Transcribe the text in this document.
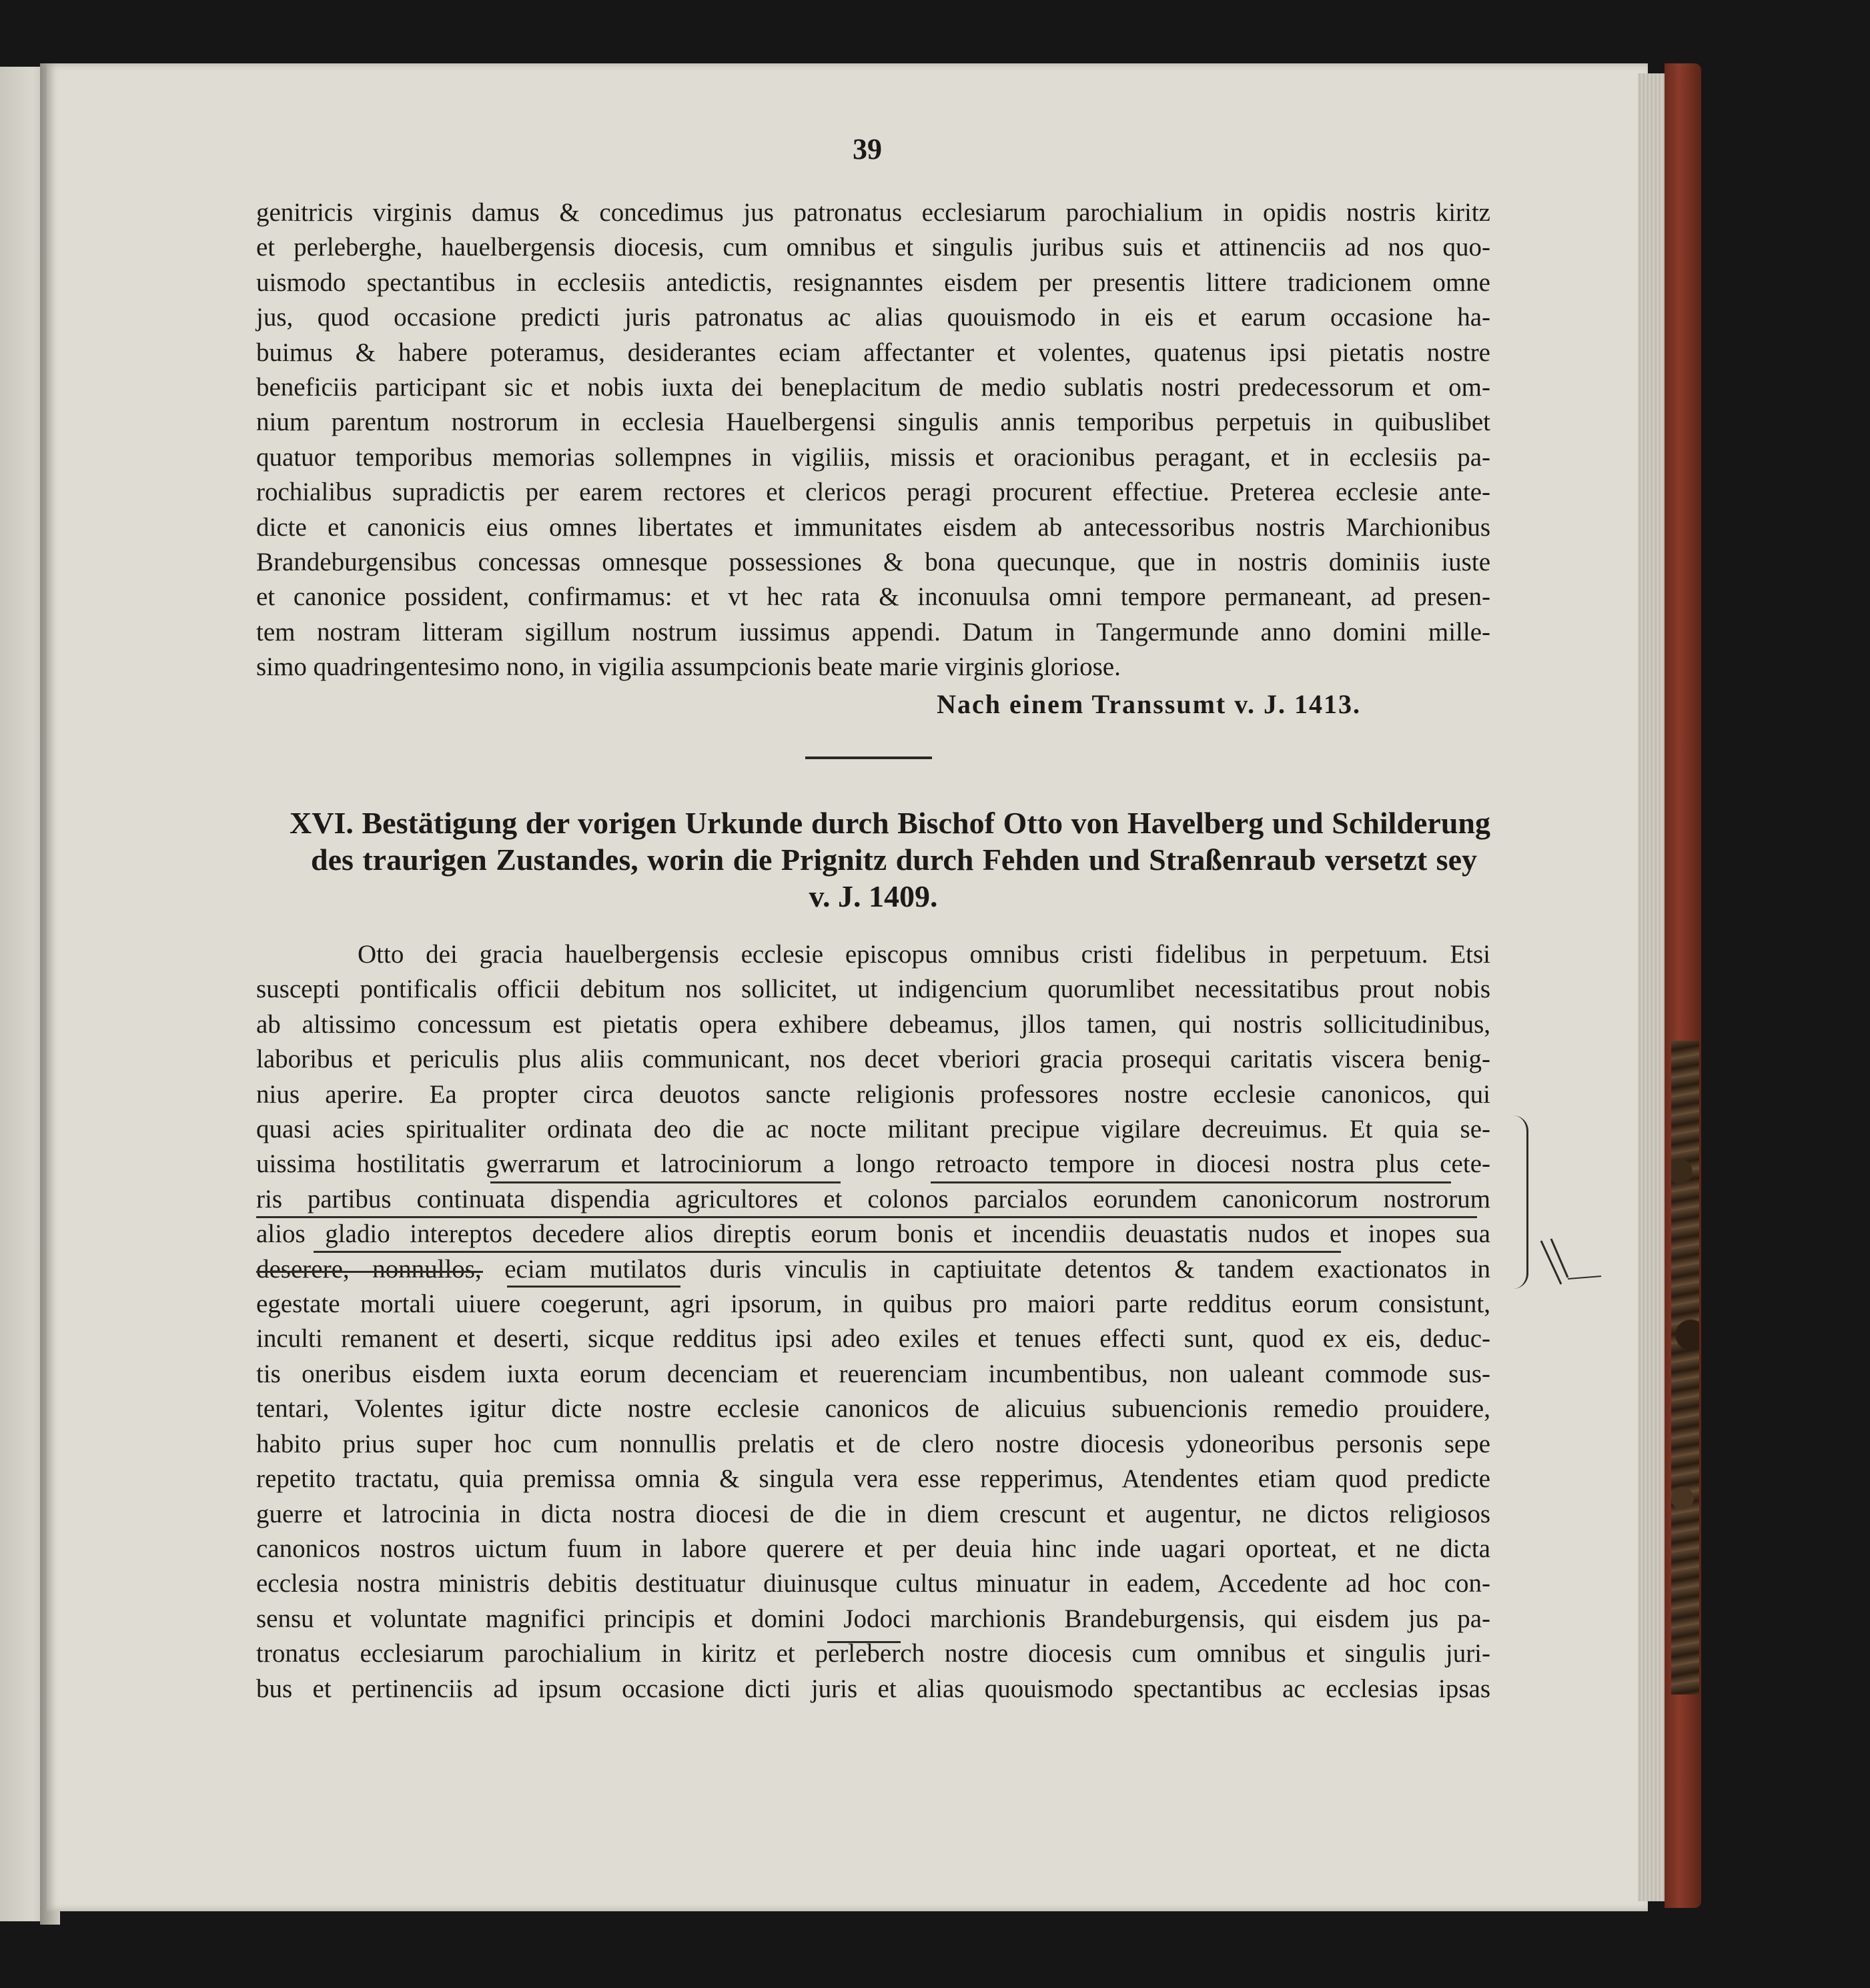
39
genitricis virginis damus & concedimus jus patronatus ecclesiarum parochialium in opidis nostris kiritz
et perleberghe, hauelbergensis diocesis, cum omnibus et singulis juribus suis et attinenciis ad nos quo-
uismodo spectantibus in ecclesiis antedictis, resignanntes eisdem per presentis littere tradicionem omne
jus, quod occasione predicti juris patronatus ac alias quouismodo in eis et earum occasione ha-
buimus & habere poteramus, desiderantes eciam affectanter et volentes, quatenus ipsi pietatis nostre
beneficiis participant sic et nobis iuxta dei beneplacitum de medio sublatis nostri predecessorum et om-
nium parentum nostrorum in ecclesia Hauelbergensi singulis annis temporibus perpetuis in quibuslibet
quatuor temporibus memorias sollempnes in vigiliis, missis et oracionibus peragant, et in ecclesiis pa-
rochialibus supradictis per earem rectores et clericos peragi procurent effectiue. Preterea ecclesie ante-
dicte et canonicis eius omnes libertates et immunitates eisdem ab antecessoribus nostris Marchionibus
Brandeburgensibus concessas omnesque possessiones & bona quecunque, que in nostris dominiis iuste
et canonice possident, confirmamus: et vt hec rata & inconuulsa omni tempore permaneant, ad presen-
tem nostram litteram sigillum nostrum iussimus appendi. Datum in Tangermunde anno domini mille-
simo quadringentesimo nono, in vigilia assumpcionis beate marie virginis gloriose.
Nach einem Transsumt v. J. 1413.
XVI. Bestätigung der vorigen Urkunde durch Bischof Otto von Havelberg und Schilderung
des traurigen Zustandes, worin die Prignitz durch Fehden und Straßenraub versetzt sey
v. J. 1409.
Otto dei gracia hauelbergensis ecclesie episcopus omnibus cristi fidelibus in perpetuum. Etsi
suscepti pontificalis officii debitum nos sollicitet, ut indigencium quorumlibet necessitatibus prout nobis
ab altissimo concessum est pietatis opera exhibere debeamus, jllos tamen, qui nostris sollicitudinibus,
laboribus et periculis plus aliis communicant, nos decet vberiori gracia prosequi caritatis viscera benig-
nius aperire. Ea propter circa deuotos sancte religionis professores nostre ecclesie canonicos, qui
quasi acies spiritualiter ordinata deo die ac nocte militant precipue vigilare decreuimus. Et quia se-
uissima hostilitatis gwerrarum et latrociniorum a longo retroacto tempore in diocesi nostra plus cete-
ris partibus continuata dispendia agricultores et colonos parcialos eorundem canonicorum nostrorum
alios gladio intereptos decedere alios direptis eorum bonis et incendiis deuastatis nudos et inopes sua
deserere, nonnullos, eciam mutilatos duris vinculis in captiuitate detentos & tandem exactionatos in
egestate mortali uiuere coegerunt, agri ipsorum, in quibus pro maiori parte redditus eorum consistunt,
inculti remanent et deserti, sicque redditus ipsi adeo exiles et tenues effecti sunt, quod ex eis, deduc-
tis oneribus eisdem iuxta eorum decenciam et reuerenciam incumbentibus, non ualeant commode sus-
tentari, Volentes igitur dicte nostre ecclesie canonicos de alicuius subuencionis remedio prouidere,
habito prius super hoc cum nonnullis prelatis et de clero nostre diocesis ydoneoribus personis sepe
repetito tractatu, quia premissa omnia & singula vera esse repperimus, Atendentes etiam quod predicte
guerre et latrocinia in dicta nostra diocesi de die in diem crescunt et augentur, ne dictos religiosos
canonicos nostros uictum fuum in labore querere et per deuia hinc inde uagari oporteat, et ne dicta
ecclesia nostra ministris debitis destituatur diuinusque cultus minuatur in eadem, Accedente ad hoc con-
sensu et voluntate magnifici principis et domini Jodoci marchionis Brandeburgensis, qui eisdem jus pa-
tronatus ecclesiarum parochialium in kiritz et perleberch nostre diocesis cum omnibus et singulis juri-
bus et pertinenciis ad ipsum occasione dicti juris et alias quouismodo spectantibus ac ecclesias ipsas
